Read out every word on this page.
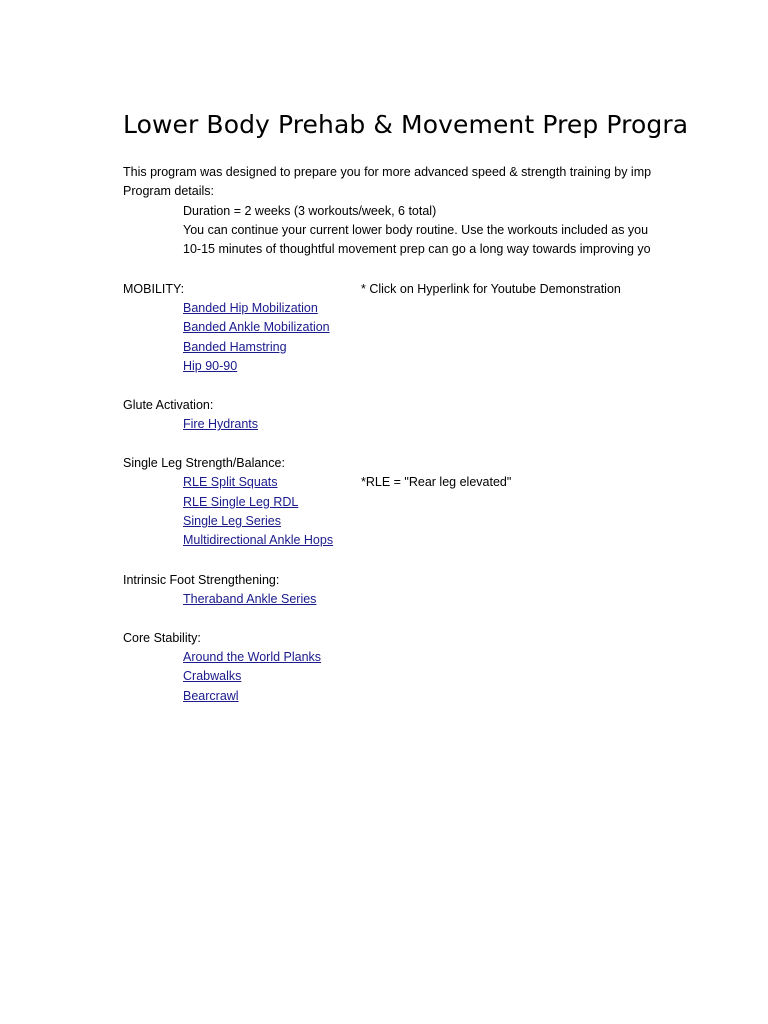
Lower Body Prehab & Movement Prep Progra
This program was designed to prepare you for more advanced speed & strength training by imp
Program details:
Duration = 2 weeks (3 workouts/week, 6 total)
You can continue your current lower body routine. Use the workouts included as you
10-15 minutes of thoughtful movement prep can go a long way towards improving yo
MOBILITY:	* Click on Hyperlink for Youtube Demonstration
Banded Hip Mobilization
Banded Ankle Mobilization
Banded Hamstring
Hip 90-90
Glute Activation:
Fire Hydrants
Single Leg Strength/Balance:
RLE Split Squats	*RLE = "Rear leg elevated"
RLE Single Leg RDL
Single Leg Series
Multidirectional Ankle Hops
Intrinsic Foot Strengthening:
Theraband Ankle Series
Core Stability:
Around the World Planks
Crabwalks
Bearcrawl
